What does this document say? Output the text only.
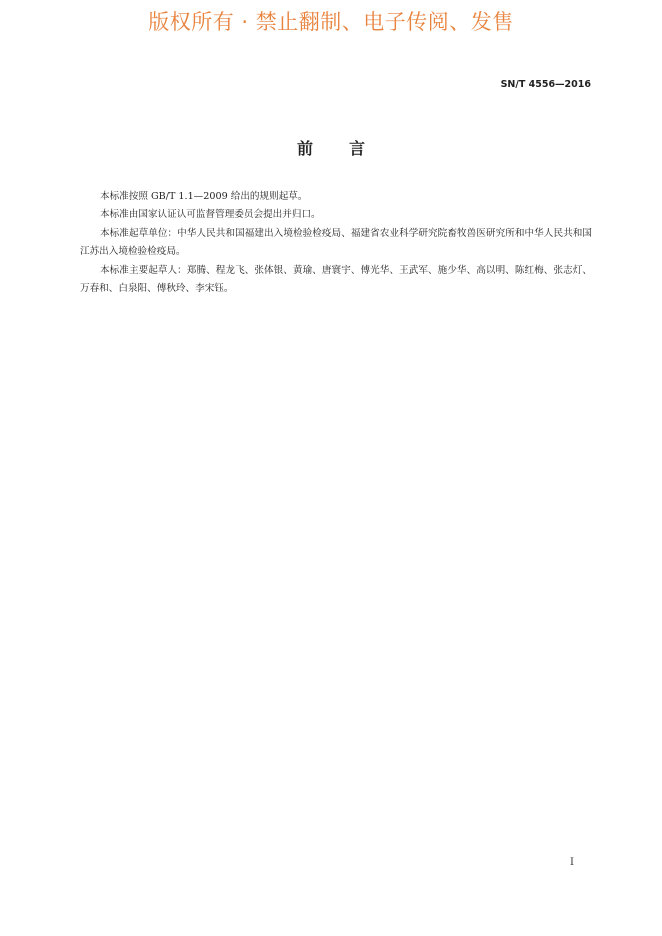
版权所有 · 禁止翻制、电子传阅、发售
SN/T 4556—2016
前言

本标准按照 GB/T 1.1—2009 给出的规则起草。

本标准由国家认证认可监督管理委员会提出并归口。

本标准起草单位：中华人民共和国福建出入境检验检疫局、福建省农业科学研究院畜牧兽医研究所和中华人民共和国江苏出入境检验检疫局。

本标准主要起草人：郑腾、程龙飞、张体银、黄瑜、唐寰宇、傅光华、王武军、施少华、高以明、陈红梅、张志灯、万春和、白泉阳、傅秋玲、李宋钰。

I
